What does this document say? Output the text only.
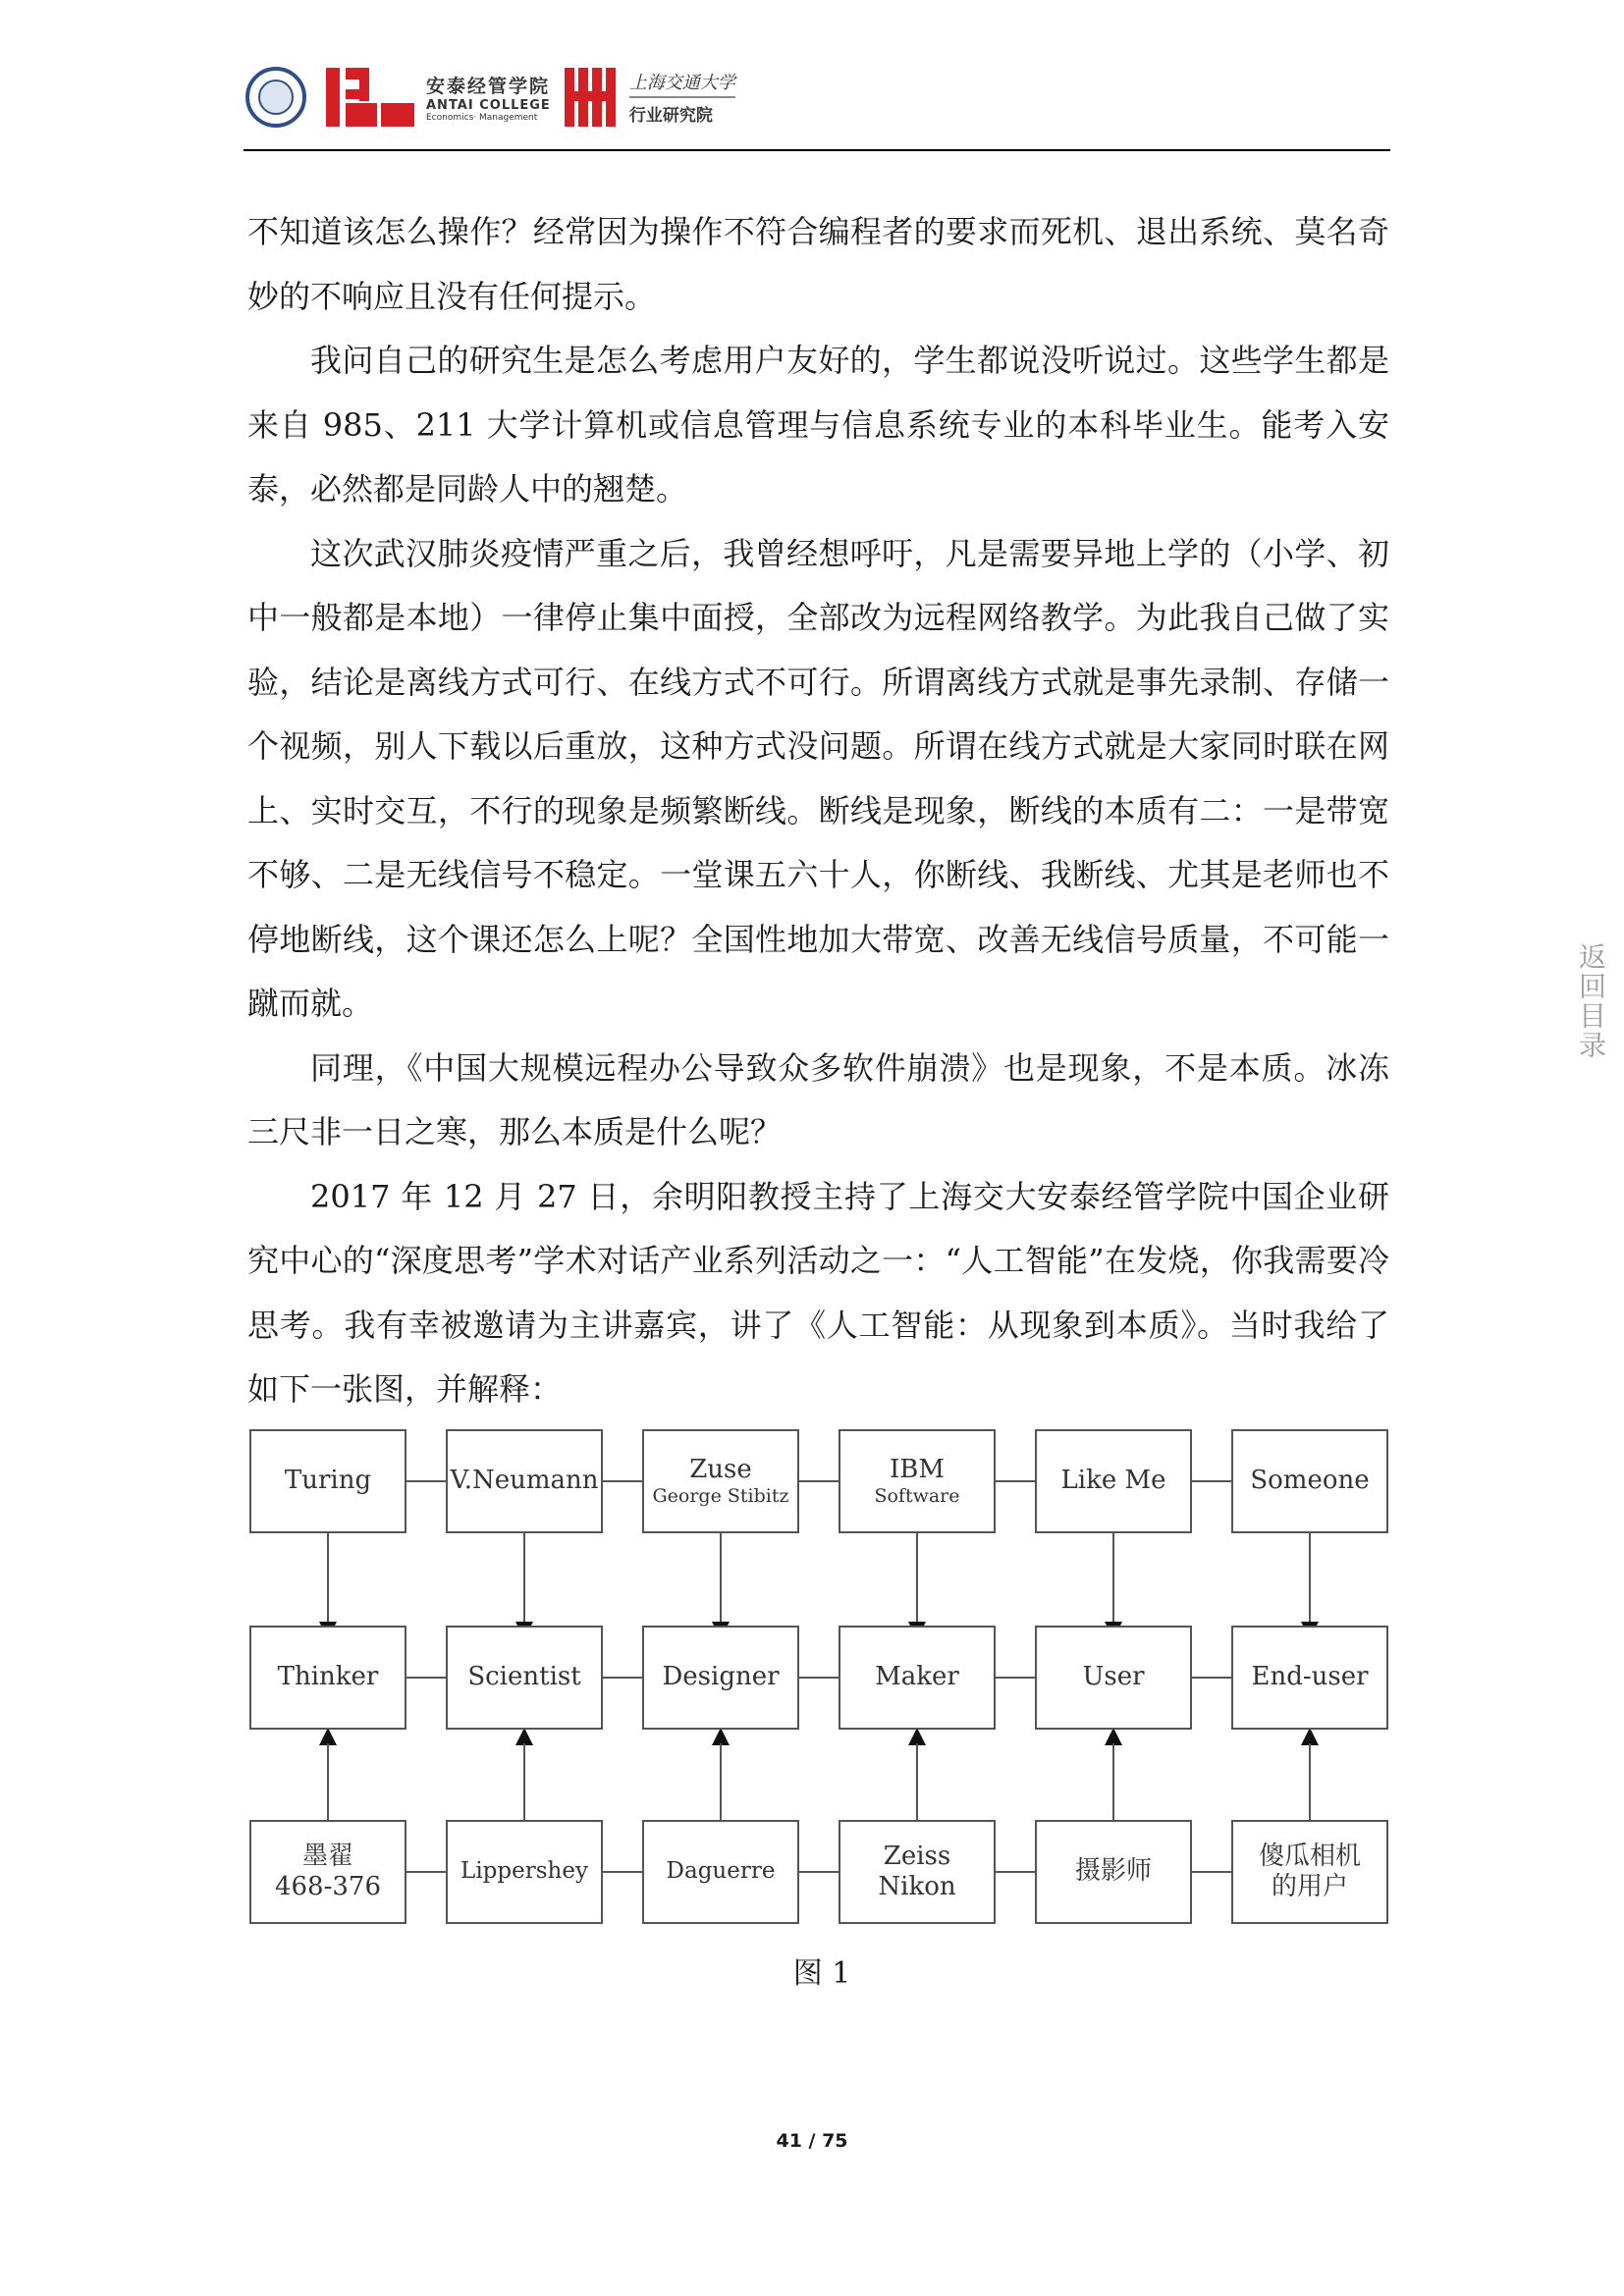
安泰经管学院
ANTAI COLLEGE
Economics· Management
上海交通大学
行业研究院

不知道该怎么操作？经常因为操作不符合编程者的要求而死机、退出系统、莫名奇妙的不响应且没有任何提示。

我问自己的研究生是怎么考虑用户友好的，学生都说没听说过。这些学生都是来自 985、211 大学计算机或信息管理与信息系统专业的本科毕业生。能考入安泰，必然都是同龄人中的翘楚。

这次武汉肺炎疫情严重之后，我曾经想呼吁，凡是需要异地上学的（小学、初中一般都是本地）一律停止集中面授，全部改为远程网络教学。为此我自己做了实验，结论是离线方式可行、在线方式不可行。所谓离线方式就是事先录制、存储一个视频，别人下载以后重放，这种方式没问题。所谓在线方式就是大家同时联在网上、实时交互，不行的现象是频繁断线。断线是现象，断线的本质有二：一是带宽不够、二是无线信号不稳定。一堂课五六十人，你断线、我断线、尤其是老师也不停地断线，这个课还怎么上呢？全国性地加大带宽、改善无线信号质量，不可能一蹴而就。

同理，《中国大规模远程办公导致众多软件崩溃》也是现象，不是本质。冰冻三尺非一日之寒，那么本质是什么呢？

2017 年 12 月 27 日，余明阳教授主持了上海交大安泰经管学院中国企业研究中心的“深度思考”学术对话产业系列活动之一：“人工智能”在发烧，你我需要冷思考。我有幸被邀请为主讲嘉宾，讲了《人工智能：从现象到本质》。当时我给了如下一张图，并解释：

返回目录
Turing	V.Neumann	Zuse
George Stibitz
IBM
Software
Like Me	Someone
Thinker	Scientist	Designer	Maker	User	End-user
墨翟
468-376
Lippershey	Daguerre
Zeiss
Nikon
摄影师
傻瓜相机
的用户
图 1
41 / 75
